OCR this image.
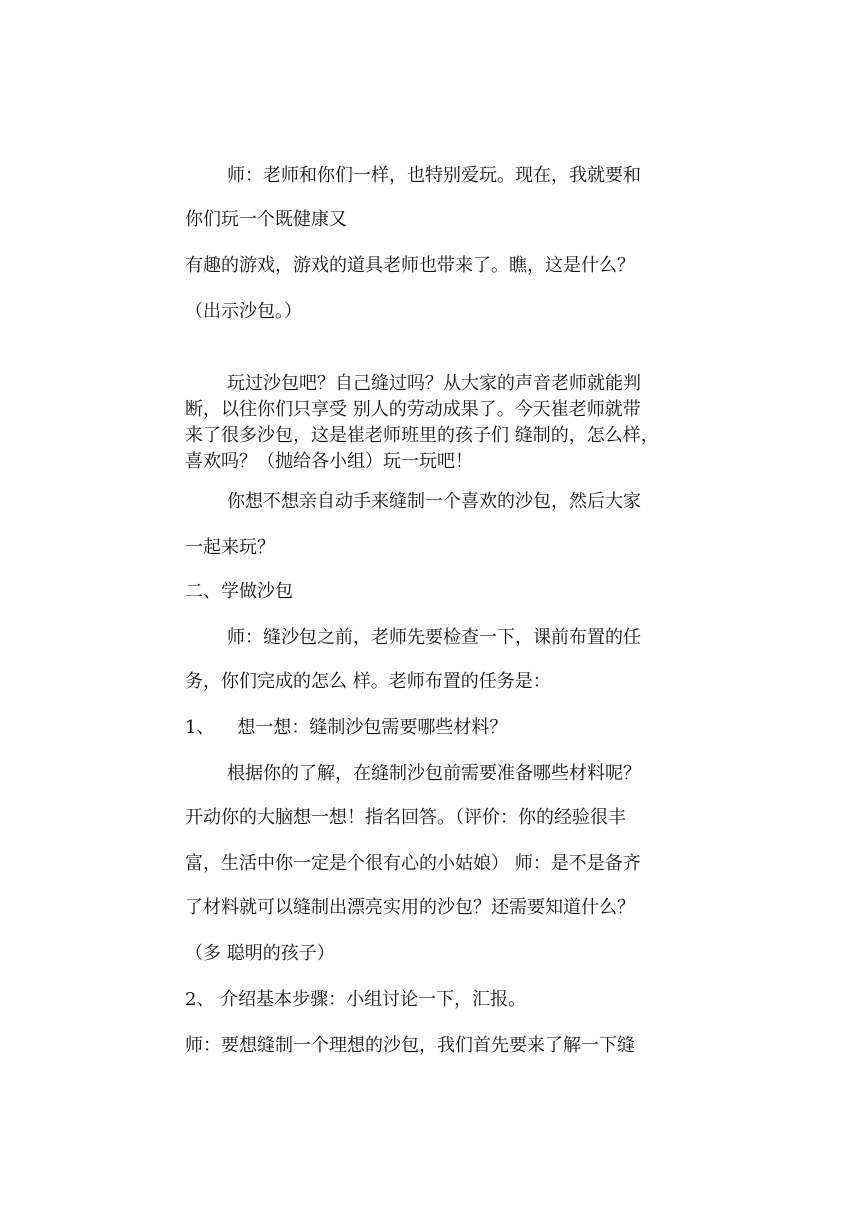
师：老师和你们一样，也特别爱玩。现在，我就要和
你们玩一个既健康又
有趣的游戏，游戏的道具老师也带来了。瞧，这是什么？
（出示沙包。）
玩过沙包吧？自己缝过吗？从大家的声音老师就能判
断，以往你们只享受 别人的劳动成果了。今天崔老师就带
来了很多沙包，这是崔老师班里的孩子们 缝制的，怎么样，
喜欢吗？（抛给各小组）玩一玩吧！
你想不想亲自动手来缝制一个喜欢的沙包，然后大家
一起来玩？
二、学做沙包
师：缝沙包之前，老师先要检查一下，课前布置的任
务，你们完成的怎么 样。老师布置的任务是：
1、    想一想：缝制沙包需要哪些材料？
根据你的了解，在缝制沙包前需要准备哪些材料呢？
开动你的大脑想一想！指名回答。（评价：你的经验很丰
富，生活中你一定是个很有心的小姑娘） 师：是不是备齐
了材料就可以缝制出漂亮实用的沙包？还需要知道什么？
（多 聪明的孩子）
2、 介绍基本步骤：小组讨论一下，汇报。
师：要想缝制一个理想的沙包，我们首先要来了解一下缝
